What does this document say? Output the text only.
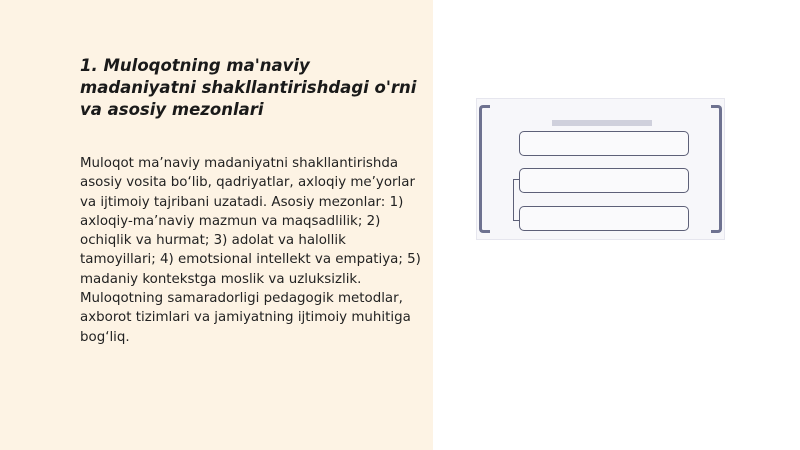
1. Muloqotning ma'naviy madaniyatni shakllantirishdagi o'rni va asosiy mezonlari

Muloqot ma’naviy madaniyatni shakllantirishda asosiy vosita bo‘lib, qadriyatlar, axloqiy me’yorlar va ijtimoiy tajribani uzatadi. Asosiy mezonlar: 1) axloqiy-ma’naviy mazmun va maqsadlilik; 2) ochiqlik va hurmat; 3) adolat va halollik tamoyillari; 4) emotsional intellekt va empatiya; 5) madaniy kontekstga moslik va uzluksizlik. Muloqotning samaradorligi pedagogik metodlar, axborot tizimlari va jamiyatning ijtimoiy muhitiga bog‘liq.
